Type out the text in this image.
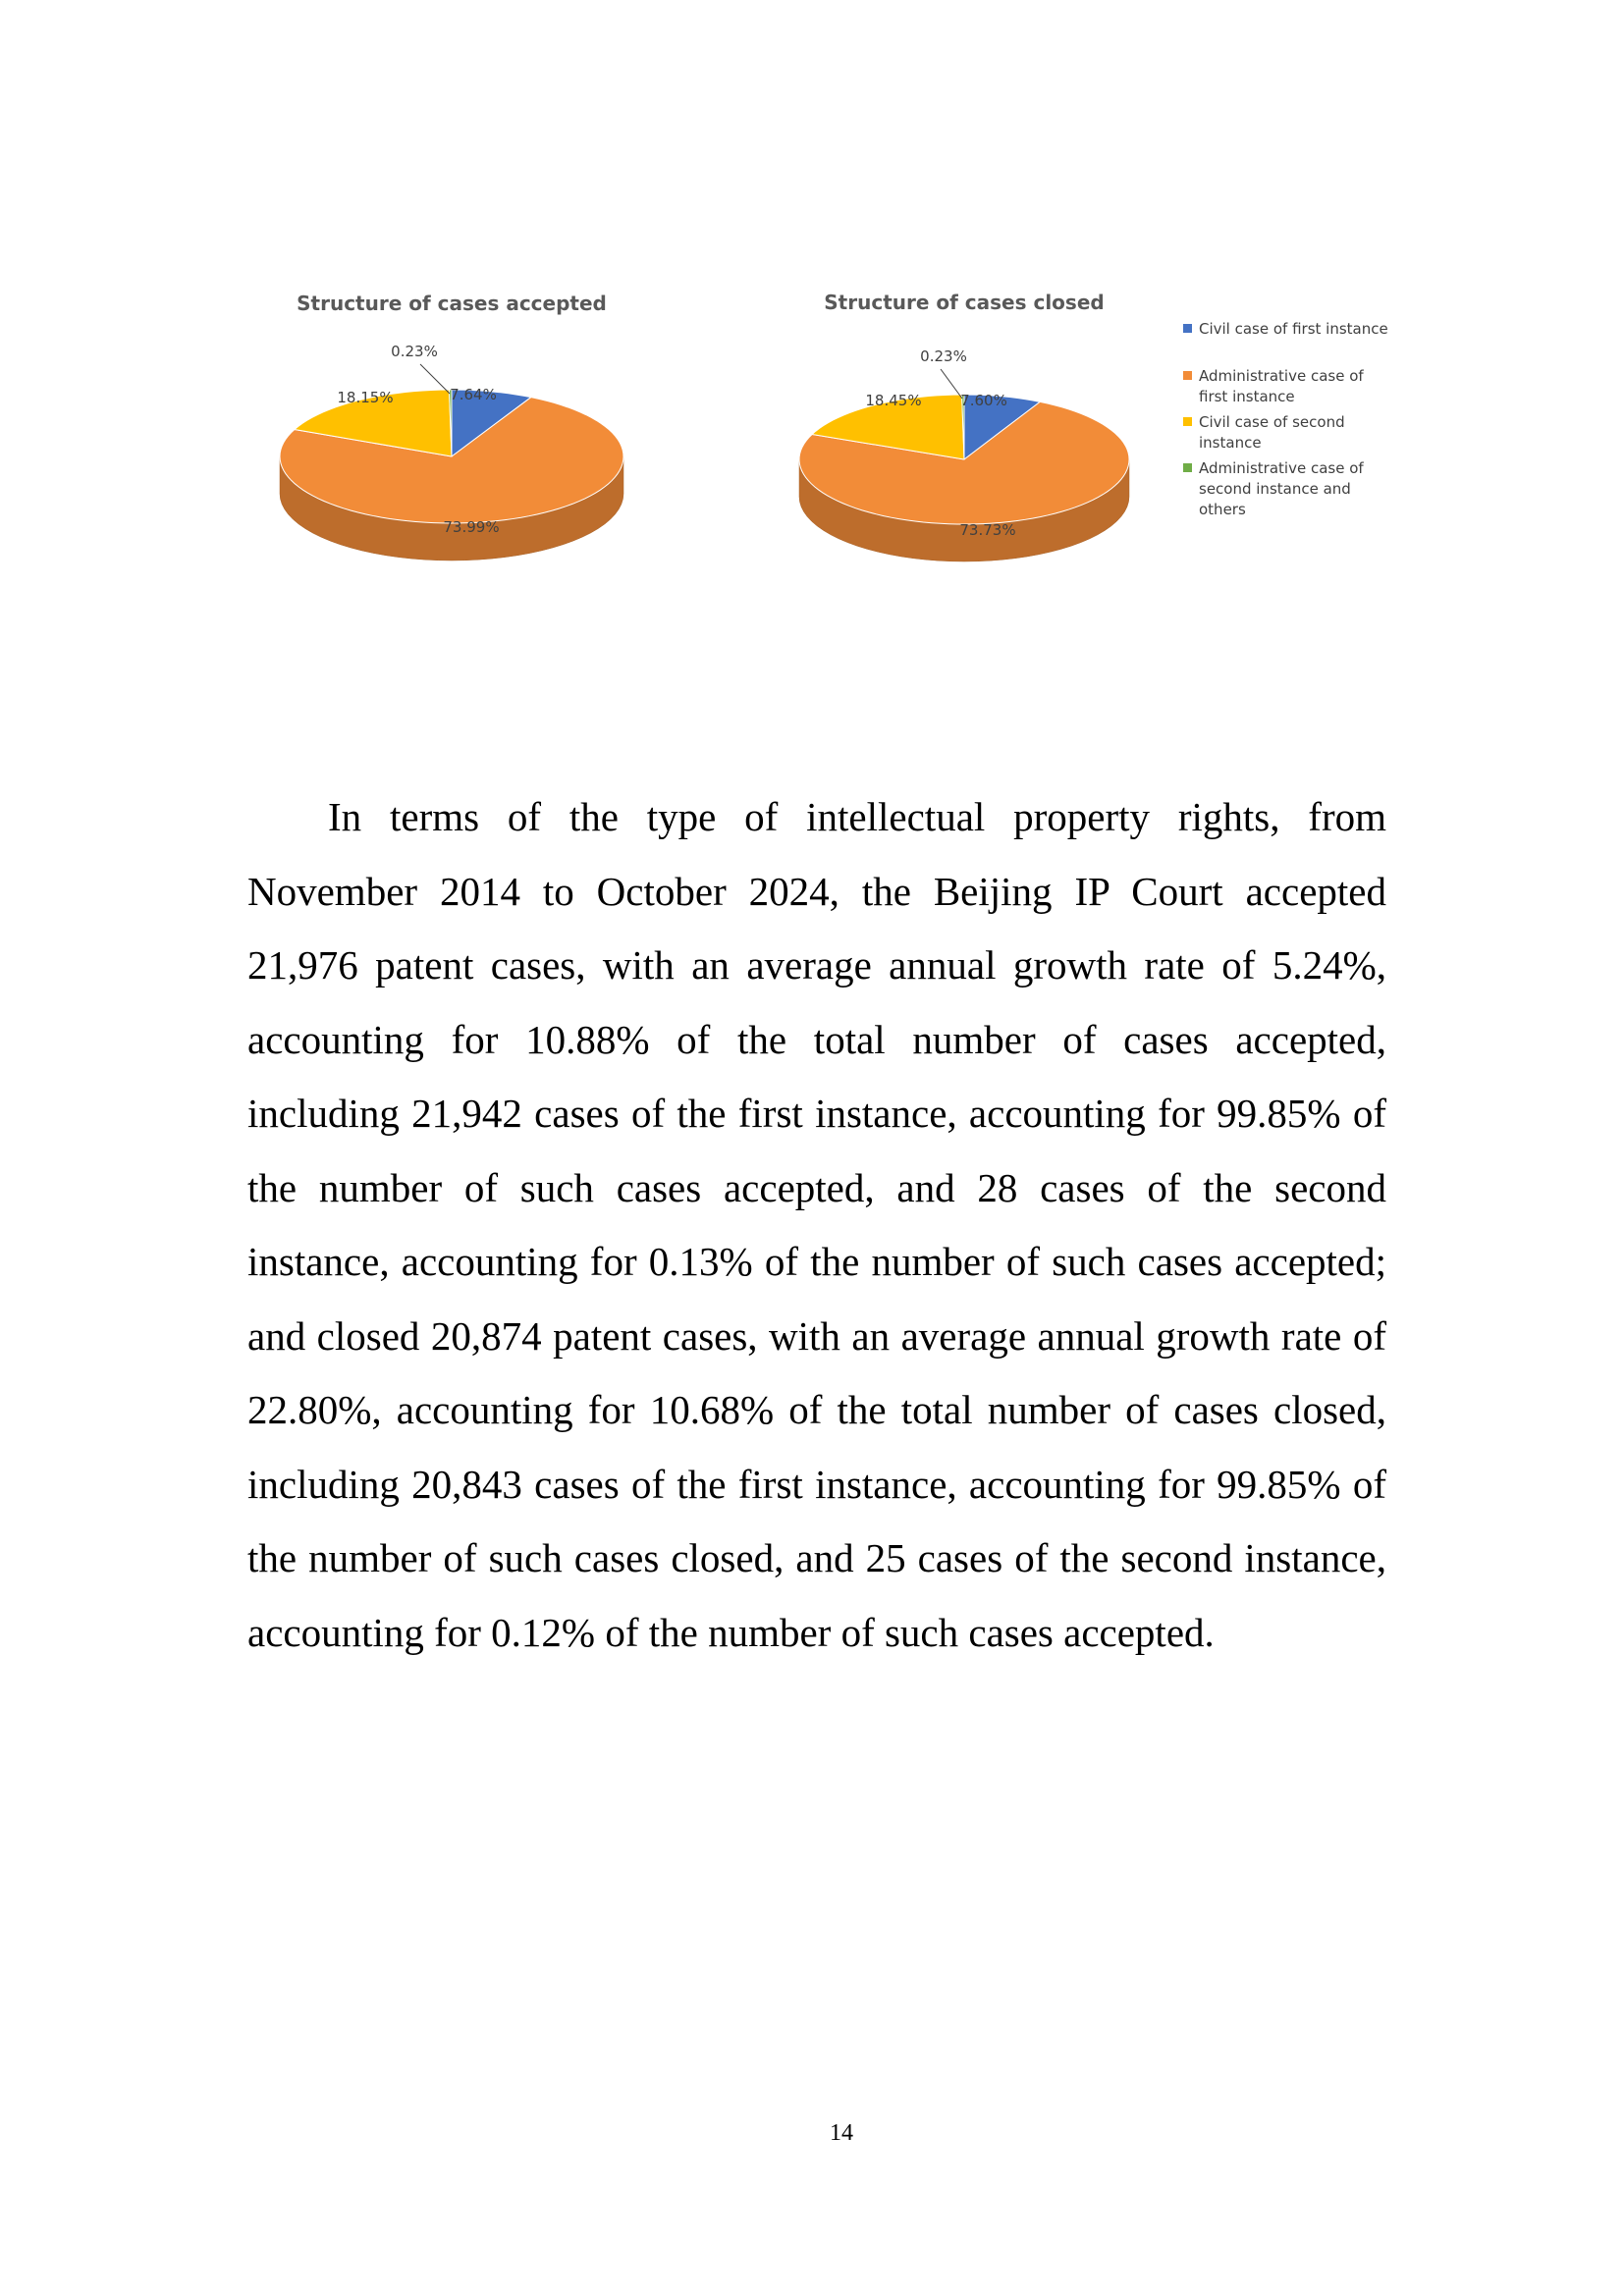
Structure of cases accepted
7.64%
73.99%
18.15%
0.23%
Structure of cases closed
7.60%
73.73%
18.45%
0.23%
Civil case of first instance
Administrative case of
first instance
Civil case of second
instance
Administrative case of
second instance and
others

In terms of the type of intellectual property rights, from November 2014 to October 2024, the Beijing IP Court accepted 21,976 patent cases, with an average annual growth rate of 5.24%, accounting for 10.88% of the total number of cases accepted, including 21,942 cases of the first instance, accounting for 99.85% of the number of such cases accepted, and 28 cases of the second instance, accounting for 0.13% of the number of such cases accepted; and closed 20,874 patent cases, with an average annual growth rate of 22.80%, accounting for 10.68% of the total number of cases closed, including 20,843 cases of the first instance, accounting for 99.85% of the number of such cases closed, and 25 cases of the second instance, accounting for 0.12% of the number of such cases accepted.

14
